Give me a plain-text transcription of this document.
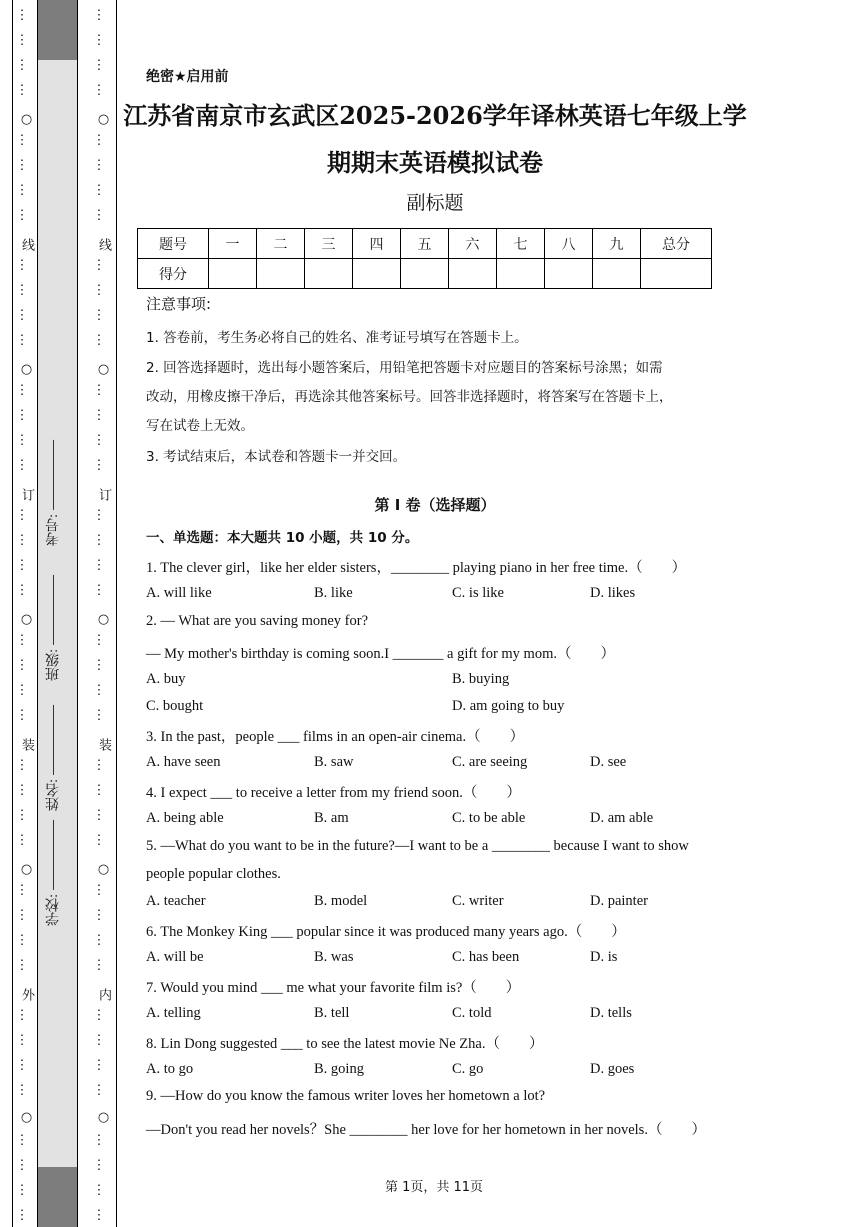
考号:
班级:
姓名:
学校:
绝密★启用前
江苏省南京市玄武区2025-2026学年译林英语七年级上学
期期末英语模拟试卷
副标题
题号	一	二	三	四	五	六	七	八	九	总分
得分										
注意事项:
1. 答卷前，考生务必将自己的姓名、准考证号填写在答题卡上。
2. 回答选择题时，选出每小题答案后，用铅笔把答题卡对应题目的答案标号涂黑；如需
改动，用橡皮擦干净后，再选涂其他答案标号。回答非选择题时，将答案写在答题卡上，
写在试卷上无效。
3. 考试结束后，本试卷和答题卡一并交回。
第 I 卷（选择题）
一、单选题：本大题共 10 小题，共 10 分。
1. The clever girl，like her elder sisters，________ playing piano in her free time.（　　）
A. will like	B. like	C. is like	D. likes
2. — What are you saving money for?
— My mother's birthday is coming soon.I _______ a gift for my mom.（　　）
A. buy	B. buying
C. bought	D. am going to buy
3. In the past，people ___ films in an open-air cinema.（　　）
A. have seen	B. saw	C. are seeing	D. see
4. I expect ___ to receive a letter from my friend soon.（　　）
A. being able	B. am	C. to be able	D. am able
5. —What do you want to be in the future?—I want to be a ________ because I want to show
people popular clothes.
A. teacher	B. model	C. writer	D. painter
6. The Monkey King ___ popular since it was produced many years ago.（　　）
A. will be	B. was	C. has been	D. is
7. Would you mind ___ me what your favorite film is?（　　）
A. telling	B. tell	C. told	D. tells
8. Lin Dong suggested ___ to see the latest movie Ne Zha.（　　）
A. to go	B. going	C. go	D. goes
9. —How do you know the famous writer loves her hometown a lot?
—Don't you read her novels？She ________ her love for her hometown in her novels.（　　）
第 1页，共 11页
⋮
⋮
⋮
⋮
⋮
⋮
⋮
⋮
⋮
⋮
⋮
⋮
⋮
⋮
⋮
⋮
⋮
⋮
⋮
⋮
⋮
⋮
⋮
⋮
⋮
⋮
⋮
⋮
⋮
⋮
⋮
⋮
⋮
⋮
⋮
⋮
⋮
⋮
⋮
⋮
○
线
○
订
○
装
○
外
○
⋮
⋮
⋮
⋮
⋮
⋮
⋮
⋮
⋮
⋮
⋮
⋮
⋮
⋮
⋮
⋮
⋮
⋮
⋮
⋮
⋮
⋮
⋮
⋮
⋮
⋮
⋮
⋮
⋮
⋮
⋮
⋮
⋮
⋮
⋮
⋮
⋮
⋮
⋮
⋮
○
线
○
订
○
装
○
内
○
